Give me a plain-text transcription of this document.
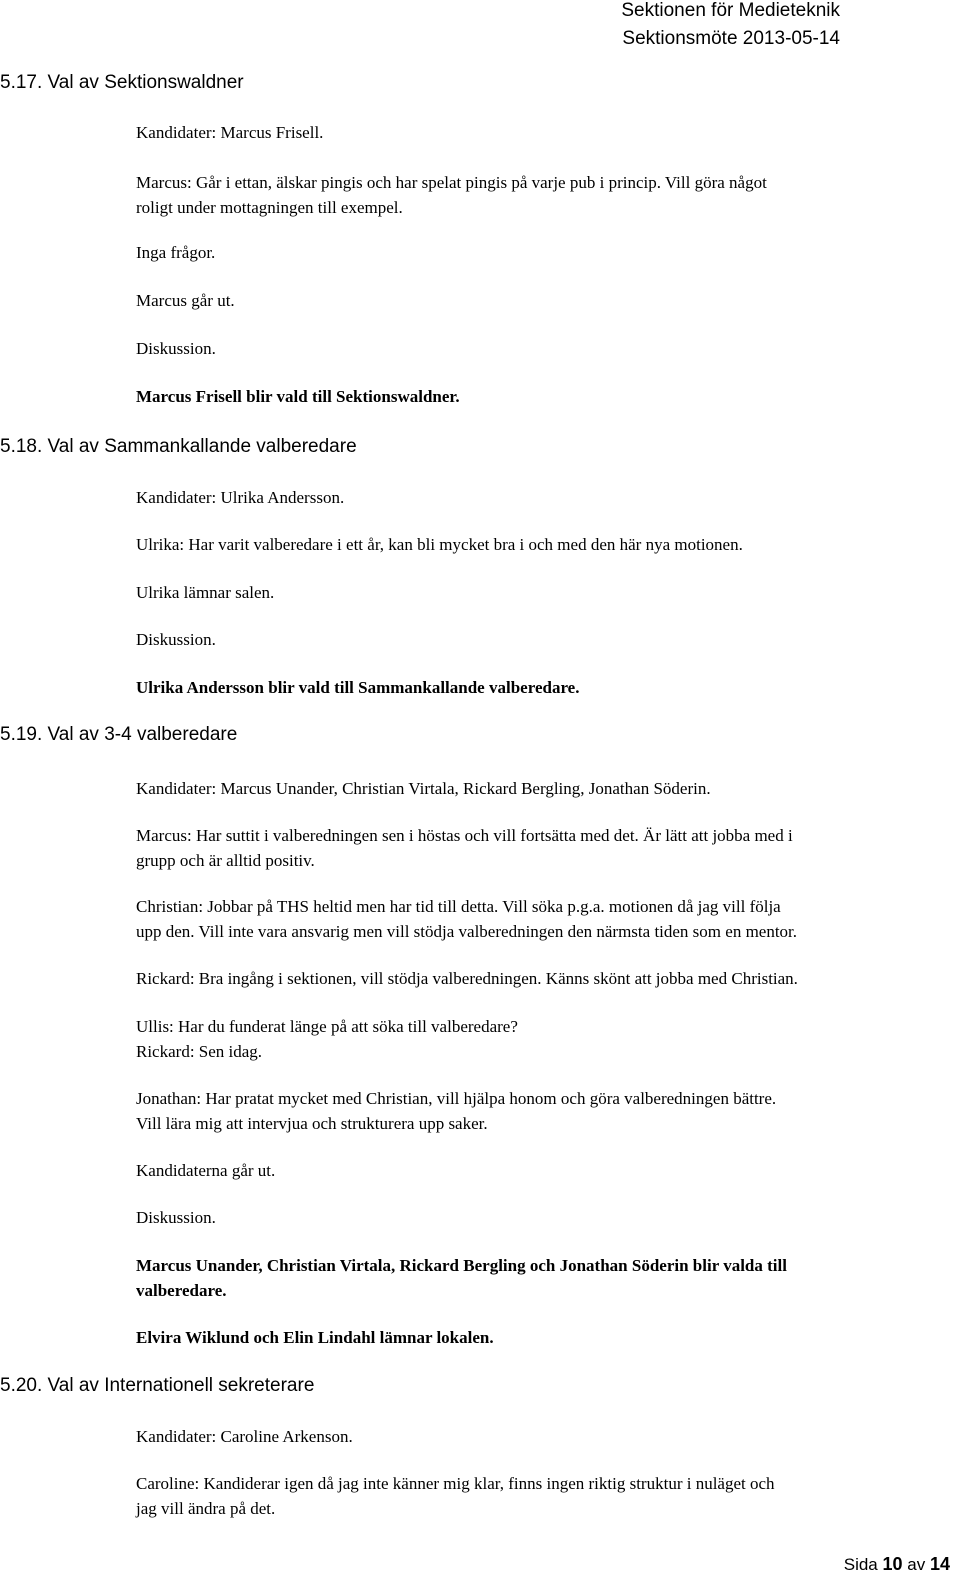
Sektionen för Medieteknik
Sektionsmöte 2013-05-14
5.17. Val av Sektionswaldner
Kandidater: Marcus Frisell.
Marcus: Går i ettan, älskar pingis och har spelat pingis på varje pub i princip. Vill göra något
roligt under mottagningen till exempel.
Inga frågor.
Marcus går ut.
Diskussion.
Marcus Frisell blir vald till Sektionswaldner.
5.18. Val av Sammankallande valberedare
Kandidater: Ulrika Andersson.
Ulrika: Har varit valberedare i ett år, kan bli mycket bra i och med den här nya motionen.
Ulrika lämnar salen.
Diskussion.
Ulrika Andersson blir vald till Sammankallande valberedare.
5.19. Val av 3-4 valberedare
Kandidater: Marcus Unander, Christian Virtala, Rickard Bergling, Jonathan Söderin.
Marcus: Har suttit i valberedningen sen i höstas och vill fortsätta med det. Är lätt att jobba med i
grupp och är alltid positiv.
Christian: Jobbar på THS heltid men har tid till detta. Vill söka p.g.a. motionen då jag vill följa
upp den. Vill inte vara ansvarig men vill stödja valberedningen den närmsta tiden som en mentor.
Rickard: Bra ingång i sektionen, vill stödja valberedningen. Känns skönt att jobba med Christian.
Ullis: Har du funderat länge på att söka till valberedare?
Rickard: Sen idag.
Jonathan: Har pratat mycket med Christian, vill hjälpa honom och göra valberedningen bättre.
Vill lära mig att intervjua och strukturera upp saker.
Kandidaterna går ut.
Diskussion.
Marcus Unander, Christian Virtala, Rickard Bergling och Jonathan Söderin blir valda till
valberedare.
Elvira Wiklund och Elin Lindahl lämnar lokalen.
5.20. Val av Internationell sekreterare
Kandidater: Caroline Arkenson.
Caroline: Kandiderar igen då jag inte känner mig klar, finns ingen riktig struktur i nuläget och
jag vill ändra på det.
Sida 10 av 14
